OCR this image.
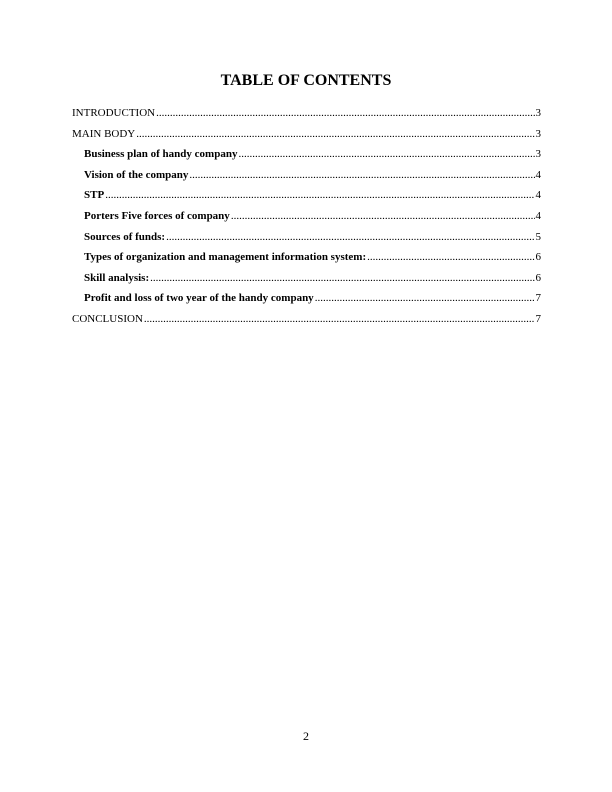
TABLE OF CONTENTS
INTRODUCTION .....	3
MAIN BODY .....	3
Business plan of handy company .....	3
Vision of the company .....	4
STP .....	4
Porters Five forces of company .....	4
Sources of funds: .....	5
Types of organization and management information system: .....	6
Skill analysis: .....	6
Profit and loss of two year of the handy company .....	7
CONCLUSION .....	7
2
